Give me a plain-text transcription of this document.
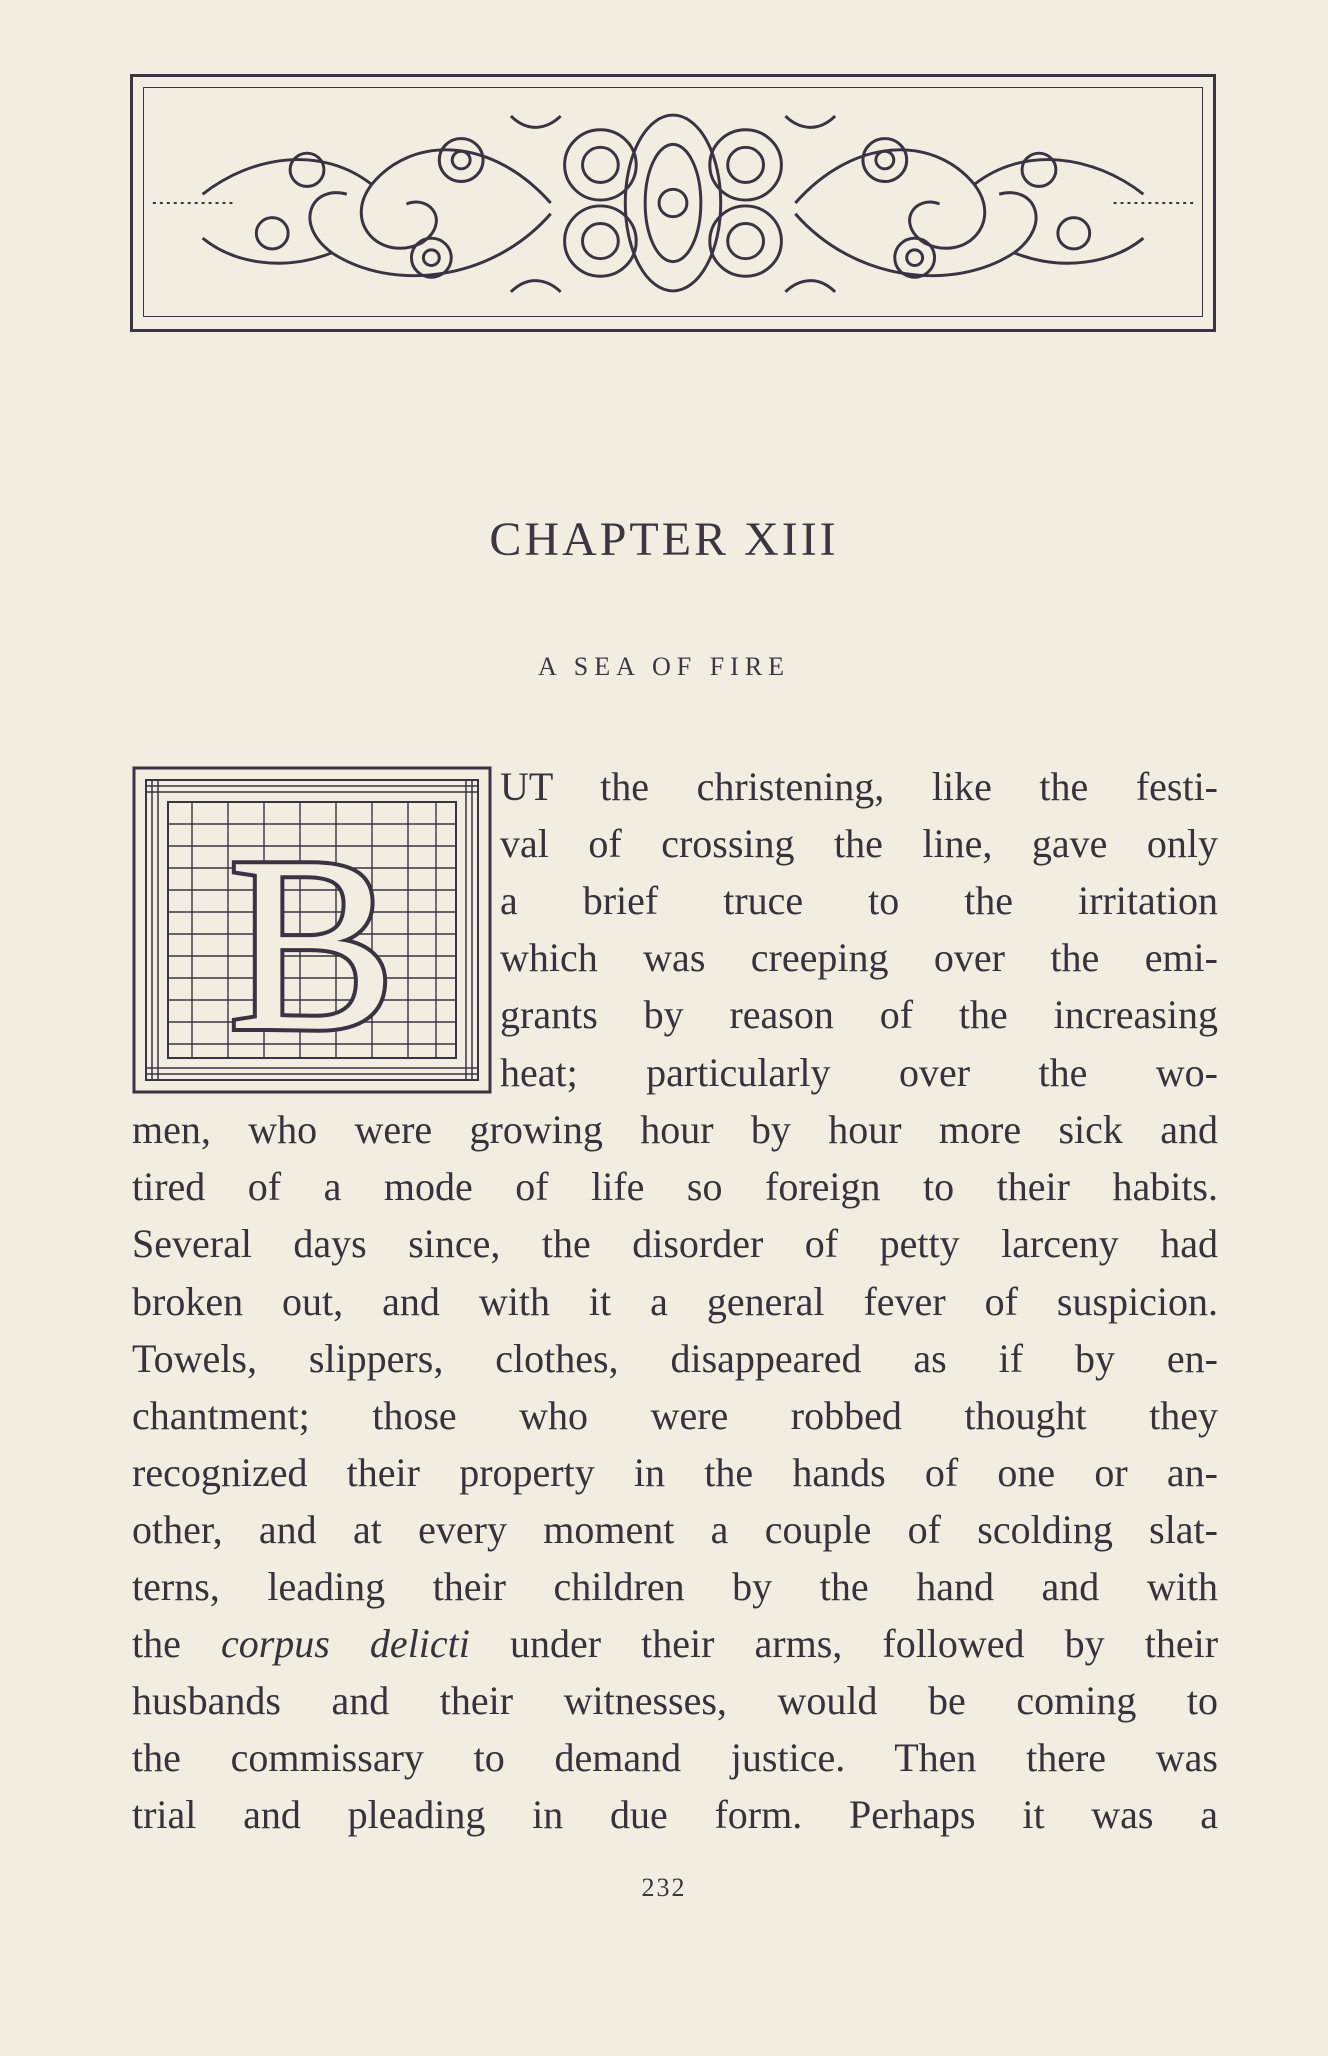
CHAPTER XIII
A SEA OF FIRE
B
UT the christening, like the festi-
val of crossing the line, gave only
a brief truce to the irritation
which was creeping over the emi-
grants by reason of the increasing
heat; particularly over the wo-
men, who were growing hour by hour more sick and
tired of a mode of life so foreign to their habits.
Several days since, the disorder of petty larceny had
broken out, and with it a general fever of suspicion.
Towels, slippers, clothes, disappeared as if by en-
chantment; those who were robbed thought they
recognized their property in the hands of one or an-
other, and at every moment a couple of scolding slat-
terns, leading their children by the hand and with
the corpus delicti under their arms, followed by their
husbands and their witnesses, would be coming to
the commissary to demand justice. Then there was
trial and pleading in due form. Perhaps it was a
232
